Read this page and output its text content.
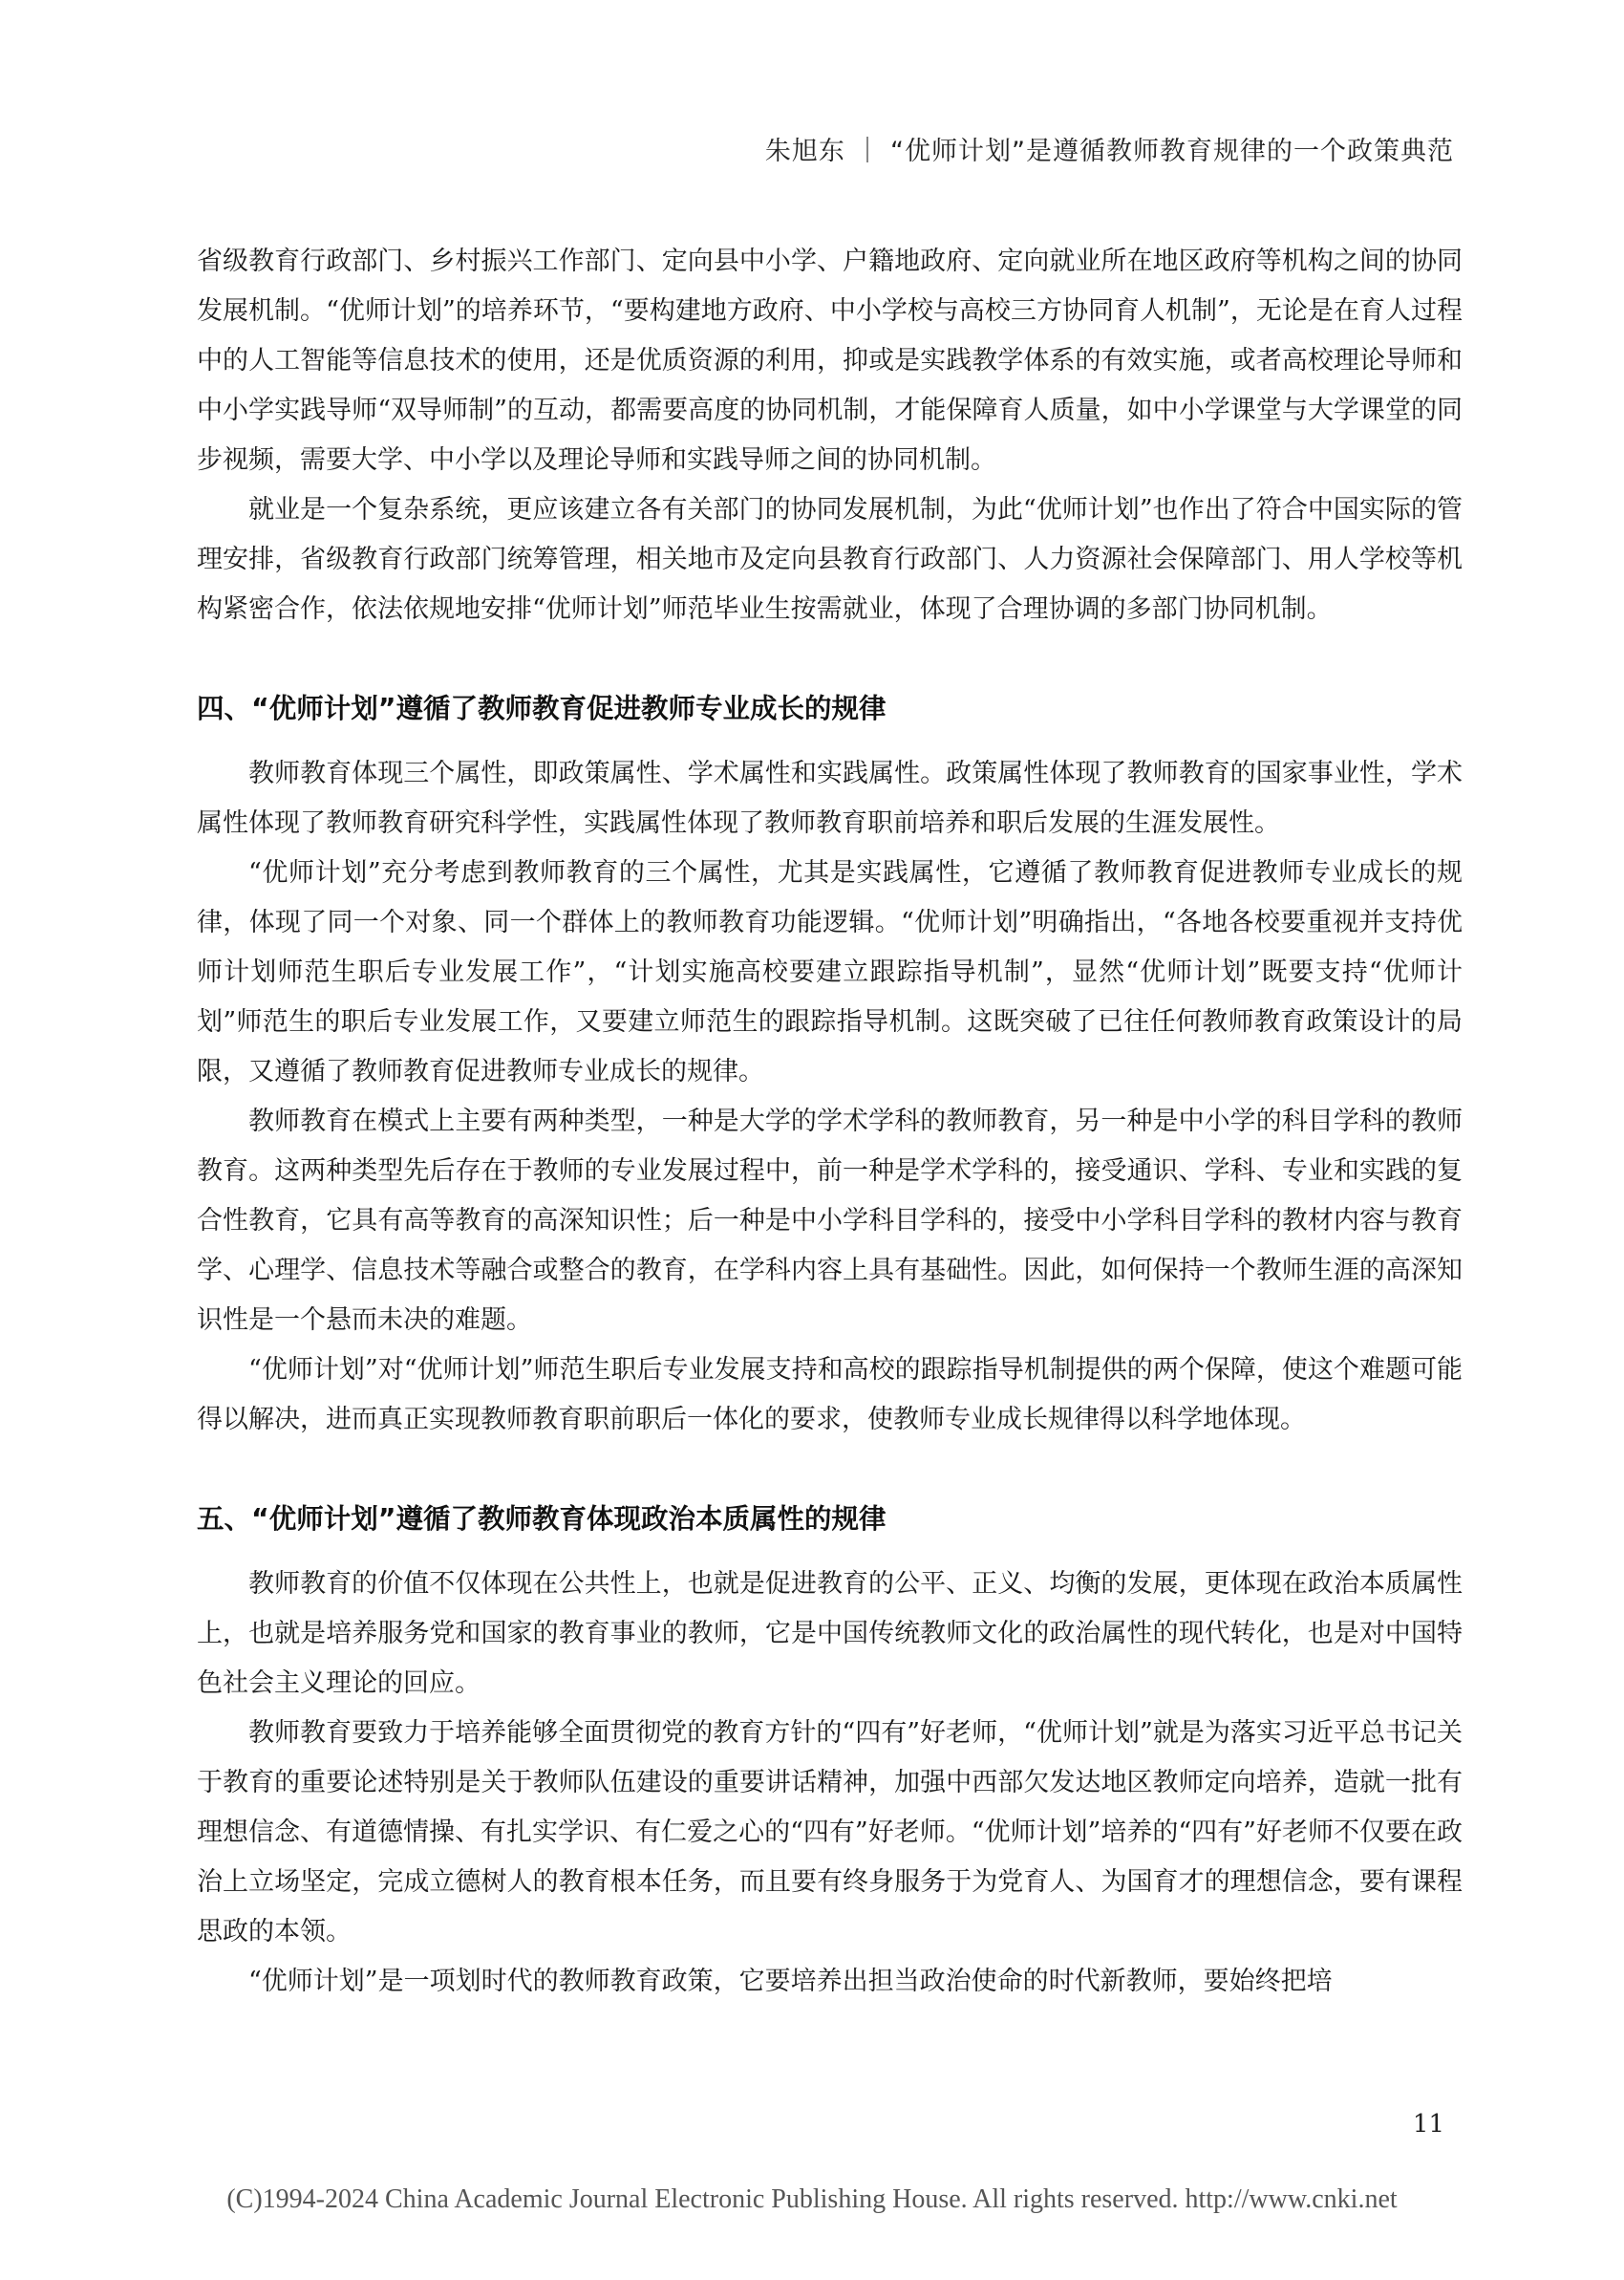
朱旭东 ｜ “优师计划”是遵循教师教育规律的一个政策典范

省级教育行政部门、乡村振兴工作部门、定向县中小学、户籍地政府、定向就业所在地区政府等机构之间的协同发展机制。“优师计划”的培养环节，“要构建地方政府、中小学校与高校三方协同育人机制”，无论是在育人过程中的人工智能等信息技术的使用，还是优质资源的利用，抑或是实践教学体系的有效实施，或者高校理论导师和中小学实践导师“双导师制”的互动，都需要高度的协同机制，才能保障育人质量，如中小学课堂与大学课堂的同步视频，需要大学、中小学以及理论导师和实践导师之间的协同机制。

就业是一个复杂系统，更应该建立各有关部门的协同发展机制，为此“优师计划”也作出了符合中国实际的管理安排，省级教育行政部门统筹管理，相关地市及定向县教育行政部门、人力资源社会保障部门、用人学校等机构紧密合作，依法依规地安排“优师计划”师范毕业生按需就业，体现了合理协调的多部门协同机制。

四、“优师计划”遵循了教师教育促进教师专业成长的规律

教师教育体现三个属性，即政策属性、学术属性和实践属性。政策属性体现了教师教育的国家事业性，学术属性体现了教师教育研究科学性，实践属性体现了教师教育职前培养和职后发展的生涯发展性。

“优师计划”充分考虑到教师教育的三个属性，尤其是实践属性，它遵循了教师教育促进教师专业成长的规律，体现了同一个对象、同一个群体上的教师教育功能逻辑。“优师计划”明确指出，“各地各校要重视并支持优师计划师范生职后专业发展工作”，“计划实施高校要建立跟踪指导机制”，显然“优师计划”既要支持“优师计划”师范生的职后专业发展工作，又要建立师范生的跟踪指导机制。这既突破了已往任何教师教育政策设计的局限，又遵循了教师教育促进教师专业成长的规律。

教师教育在模式上主要有两种类型，一种是大学的学术学科的教师教育，另一种是中小学的科目学科的教师教育。这两种类型先后存在于教师的专业发展过程中，前一种是学术学科的，接受通识、学科、专业和实践的复合性教育，它具有高等教育的高深知识性；后一种是中小学科目学科的，接受中小学科目学科的教材内容与教育学、心理学、信息技术等融合或整合的教育，在学科内容上具有基础性。因此，如何保持一个教师生涯的高深知识性是一个悬而未决的难题。

“优师计划”对“优师计划”师范生职后专业发展支持和高校的跟踪指导机制提供的两个保障，使这个难题可能得以解决，进而真正实现教师教育职前职后一体化的要求，使教师专业成长规律得以科学地体现。

五、“优师计划”遵循了教师教育体现政治本质属性的规律

教师教育的价值不仅体现在公共性上，也就是促进教育的公平、正义、均衡的发展，更体现在政治本质属性上，也就是培养服务党和国家的教育事业的教师，它是中国传统教师文化的政治属性的现代转化，也是对中国特色社会主义理论的回应。

教师教育要致力于培养能够全面贯彻党的教育方针的“四有”好老师，“优师计划”就是为落实习近平总书记关于教育的重要论述特别是关于教师队伍建设的重要讲话精神，加强中西部欠发达地区教师定向培养，造就一批有理想信念、有道德情操、有扎实学识、有仁爱之心的“四有”好老师。“优师计划”培养的“四有”好老师不仅要在政治上立场坚定，完成立德树人的教育根本任务，而且要有终身服务于为党育人、为国育才的理想信念，要有课程思政的本领。

“优师计划”是一项划时代的教师教育政策，它要培养出担当政治使命的时代新教师，要始终把培

11
(C)1994-2024 China Academic Journal Electronic Publishing House. All rights reserved. http://www.cnki.net
